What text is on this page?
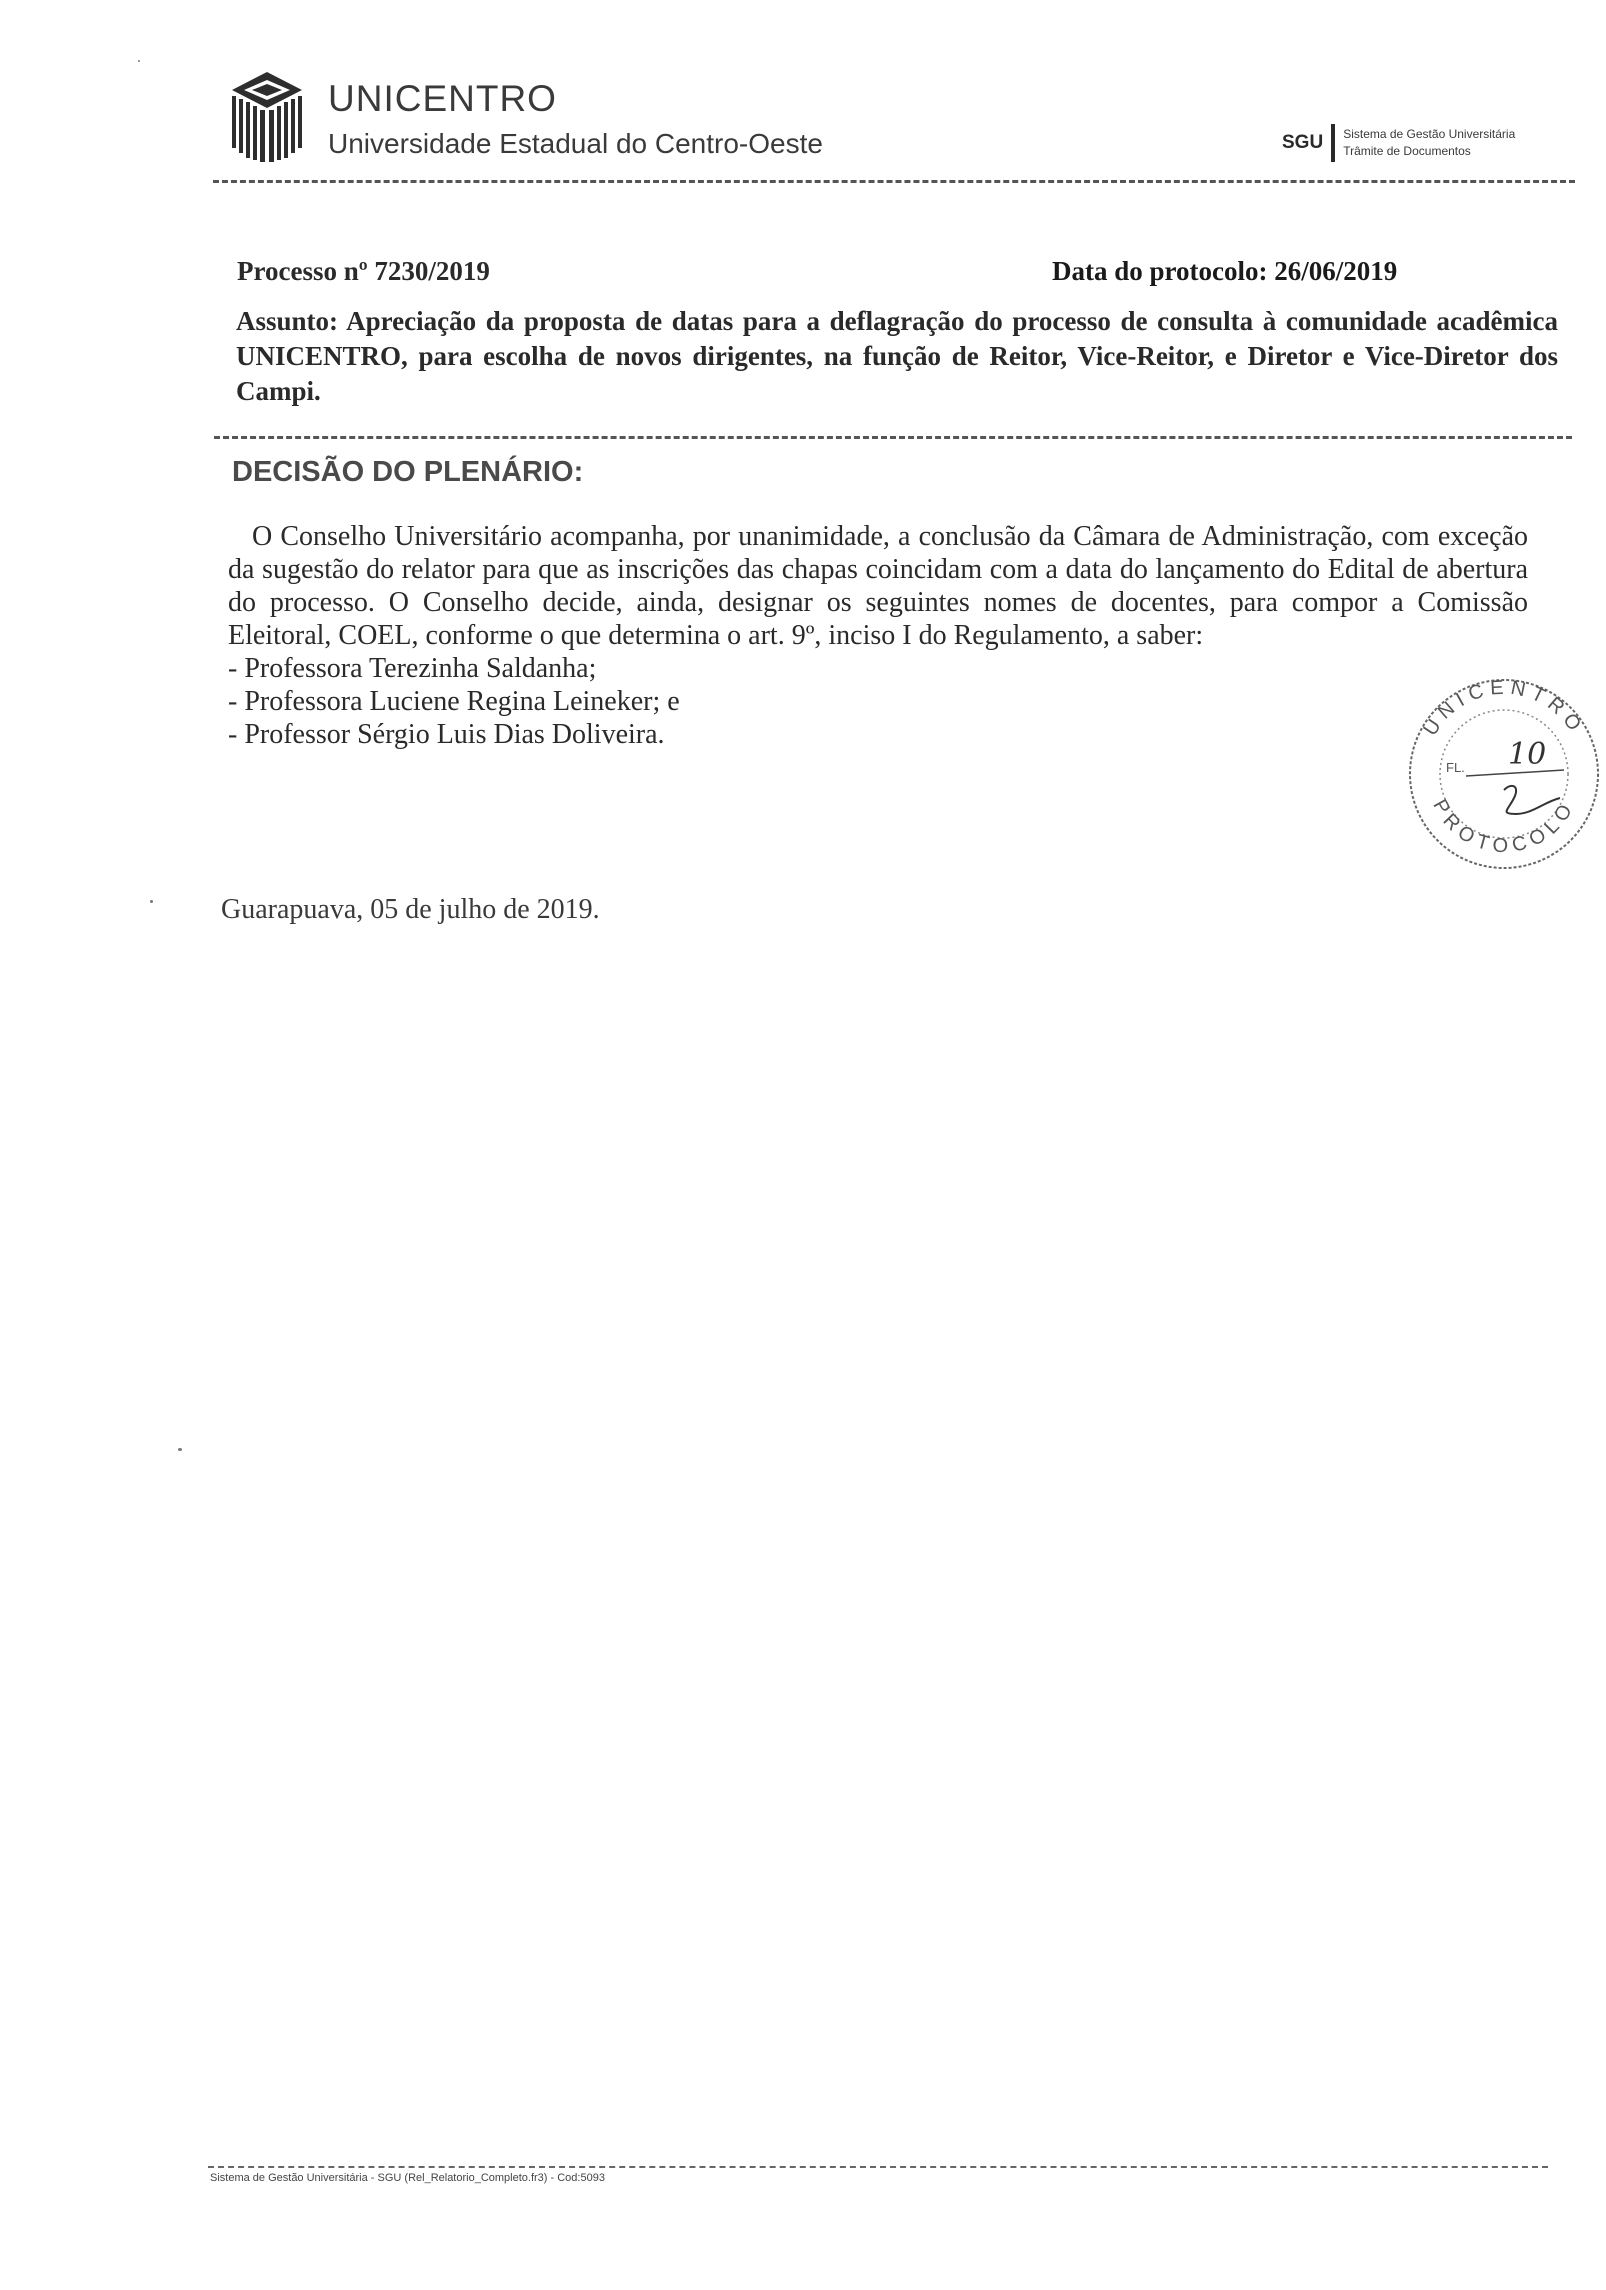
UNICENTRO
Universidade Estadual do Centro-Oeste	SGU Sistema de Gestão Universitária
Trâmite de Documentos
Processo nº 7230/2019	Data do protocolo: 26/06/2019
Assunto: Apreciação da proposta de datas para a deflagração do processo de consulta à comunidade acadêmica UNICENTRO, para escolha de novos dirigentes, na função de Reitor, Vice-Reitor, e Diretor e Vice-Diretor dos Campi.
DECISÃO DO PLENÁRIO:

O Conselho Universitário acompanha, por unanimidade, a conclusão da Câmara de Administração, com exceção da sugestão do relator para que as inscrições das chapas coincidam com a data do lançamento do Edital de abertura do processo. O Conselho decide, ainda, designar os seguintes nomes de docentes, para compor a Comissão Eleitoral, COEL, conforme o que determina o art. 9º, inciso I do Regulamento, a saber:

- Professora Terezinha Saldanha;
- Professora Luciene Regina Leineker; e
- Professor Sérgio Luis Dias Doliveira.
Guarapuava, 05 de julho de 2019.
UNICENTRO
PROTOCOLO
FL. 10
Sistema de Gestão Universitária - SGU (Rel_Relatorio_Completo.fr3) - Cod:5093
